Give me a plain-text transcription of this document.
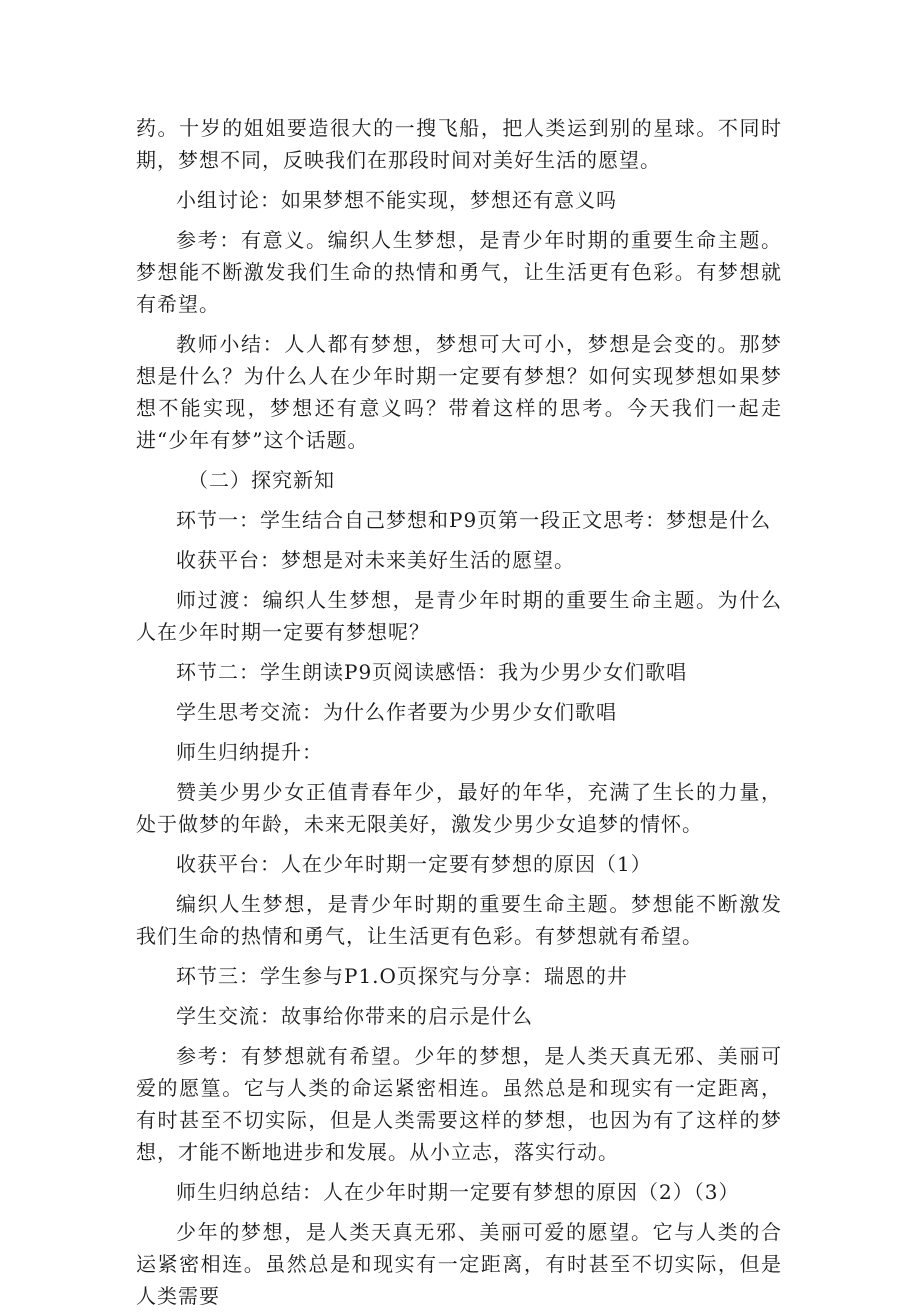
药。十岁的姐姐要造很大的一搜飞船，把人类运到别的星球。不同时期，梦想不同，反映我们在那段时间对美好生活的愿望。

小组讨论：如果梦想不能实现，梦想还有意义吗

参考：有意义。编织人生梦想，是青少年时期的重要生命主题。梦想能不断激发我们生命的热情和勇气，让生活更有色彩。有梦想就有希望。

教师小结：人人都有梦想，梦想可大可小，梦想是会变的。那梦想是什么？为什么人在少年时期一定要有梦想？如何实现梦想如果梦想不能实现，梦想还有意义吗？带着这样的思考。今天我们一起走进“少年有梦”这个话题。

（二）探究新知

环节一：学生结合自己梦想和P9页第一段正文思考：梦想是什么

收获平台：梦想是对未来美好生活的愿望。

师过渡：编织人生梦想，是青少年时期的重要生命主题。为什么人在少年时期一定要有梦想呢？

环节二：学生朗读P9页阅读感悟：我为少男少女们歌唱

学生思考交流：为什么作者要为少男少女们歌唱

师生归纳提升：

赞美少男少女正值青春年少，最好的年华，充满了生长的力量，处于做梦的年龄，未来无限美好，激发少男少女追梦的情怀。

收获平台：人在少年时期一定要有梦想的原因（1）

编织人生梦想，是青少年时期的重要生命主题。梦想能不断激发我们生命的热情和勇气，让生活更有色彩。有梦想就有希望。

环节三：学生参与P1.O页探究与分享：瑞恩的井

学生交流：故事给你带来的启示是什么

参考：有梦想就有希望。少年的梦想，是人类天真无邪、美丽可爱的愿篁。它与人类的命运紧密相连。虽然总是和现实有一定距离，有时甚至不切实际，但是人类需要这样的梦想，也因为有了这样的梦想，才能不断地进步和发展。从小立志，落实行动。

师生归纳总结：人在少年时期一定要有梦想的原因（2）（3）

少年的梦想，是人类天真无邪、美丽可爱的愿望。它与人类的合运紧密相连。虽然总是和现实有一定距离，有时甚至不切实际，但是人类需要
